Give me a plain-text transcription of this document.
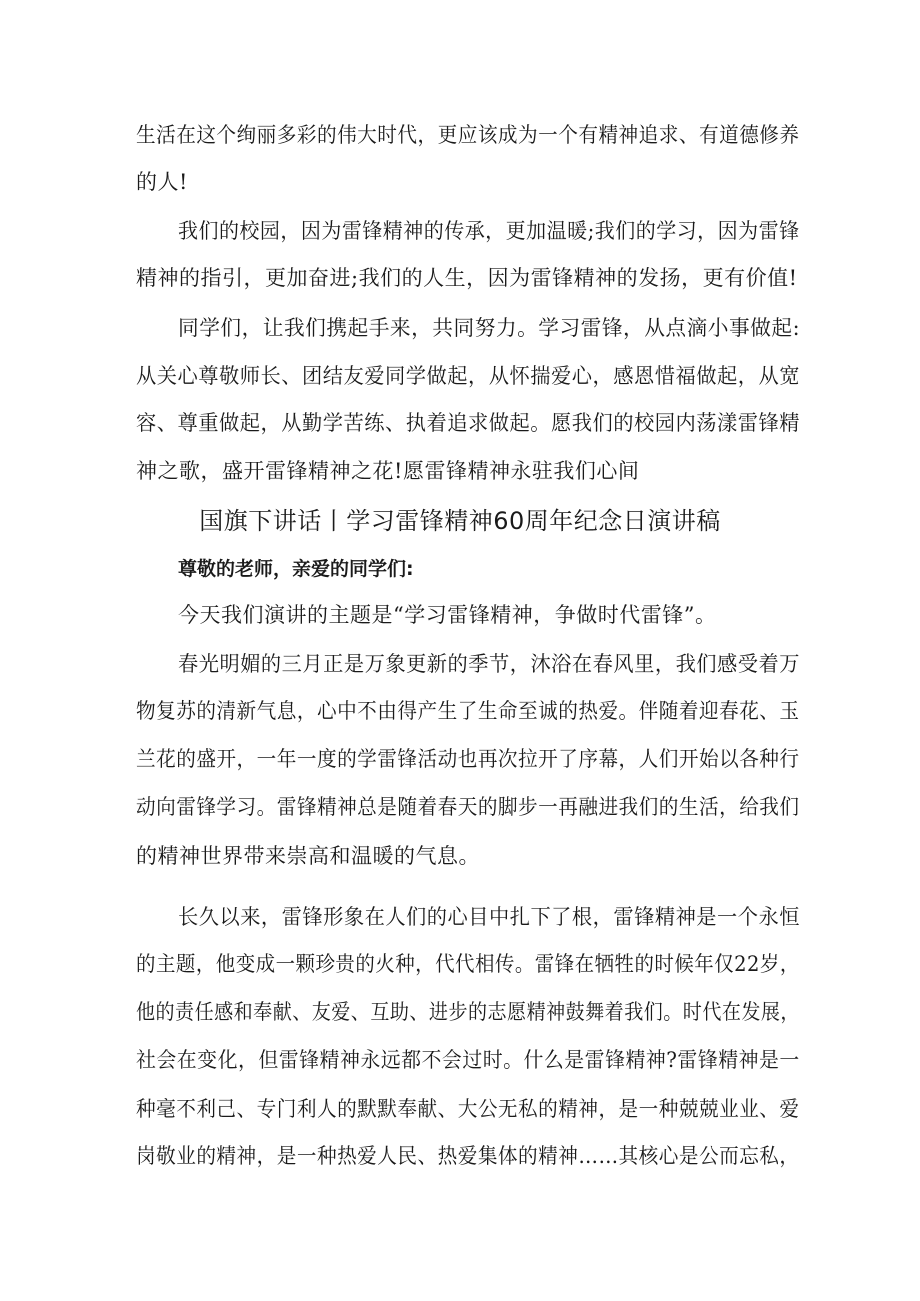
生活在这个绚丽多彩的伟大时代，更应该成为一个有精神追求、有道德修养
的人!
我们的校园，因为雷锋精神的传承，更加温暖;我们的学习，因为雷锋
精神的指引，更加奋进;我们的人生，因为雷锋精神的发扬，更有价值!
同学们，让我们携起手来，共同努力。学习雷锋，从点滴小事做起:
从关心尊敬师长、团结友爱同学做起，从怀揣爱心，感恩惜福做起，从宽
容、尊重做起，从勤学苦练、执着追求做起。愿我们的校园内荡漾雷锋精
神之歌，盛开雷锋精神之花!愿雷锋精神永驻我们心间
国旗下讲话丨学习雷锋精神60周年纪念日演讲稿
尊敬的老师，亲爱的同学们:
今天我们演讲的主题是“学习雷锋精神，争做时代雷锋”。
春光明媚的三月正是万象更新的季节，沐浴在春风里，我们感受着万
物复苏的清新气息，心中不由得产生了生命至诚的热爱。伴随着迎春花、玉
兰花的盛开，一年一度的学雷锋活动也再次拉开了序幕，人们开始以各种行
动向雷锋学习。雷锋精神总是随着春天的脚步一再融进我们的生活，给我们
的精神世界带来崇高和温暖的气息。
长久以来，雷锋形象在人们的心目中扎下了根，雷锋精神是一个永恒
的主题，他变成一颗珍贵的火种，代代相传。雷锋在牺牲的时候年仅22岁，
他的责任感和奉献、友爱、互助、进步的志愿精神鼓舞着我们。时代在发展，
社会在变化，但雷锋精神永远都不会过时。什么是雷锋精神?雷锋精神是一
种毫不利己、专门利人的默默奉献、大公无私的精神，是一种兢兢业业、爱
岗敬业的精神，是一种热爱人民、热爱集体的精神……其核心是公而忘私，
